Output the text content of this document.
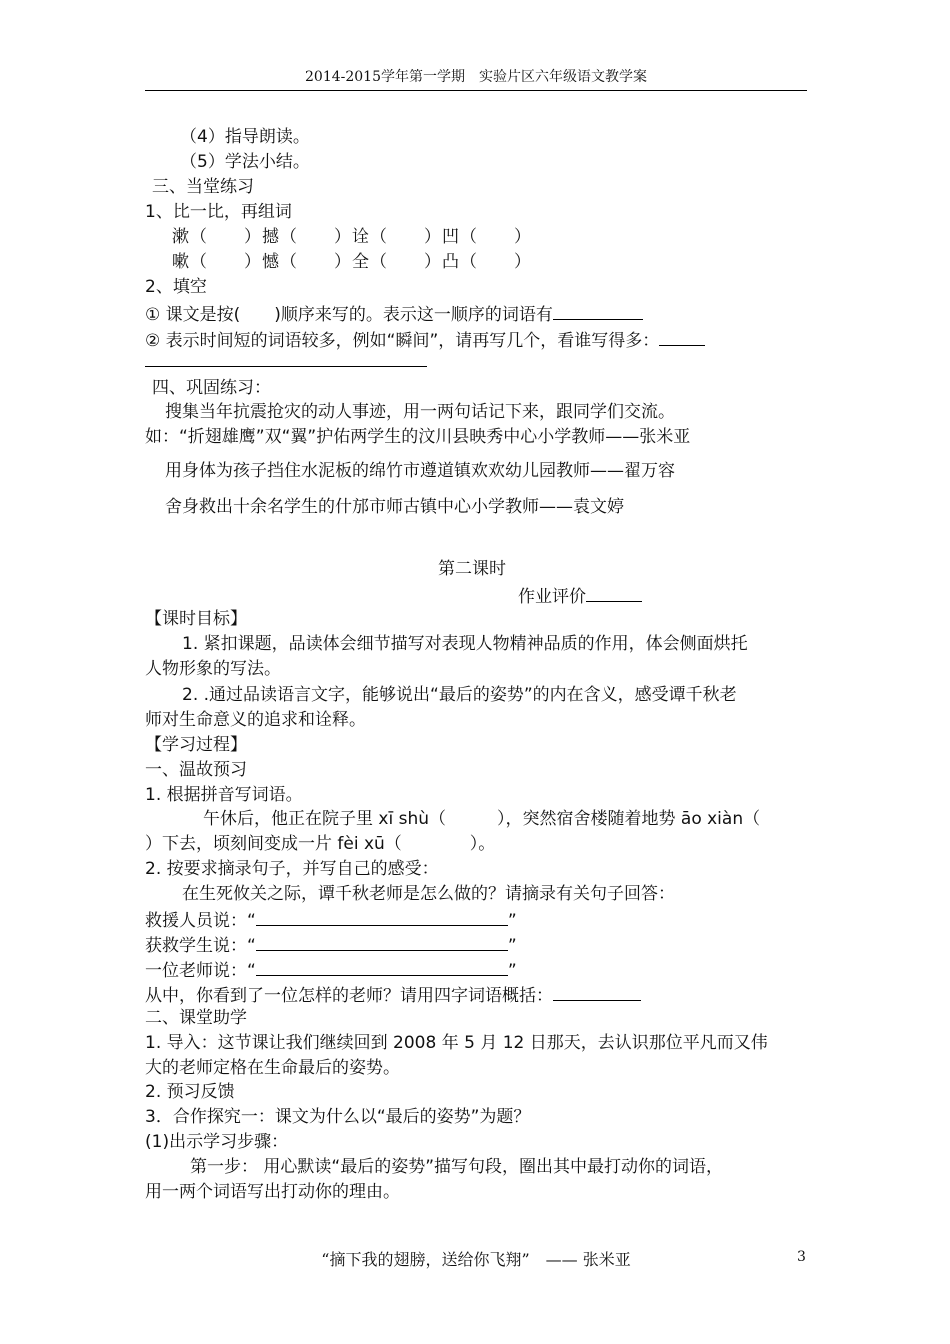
2014-2015学年第一学期　实验片区六年级语文教学案
（4）指导朗读。
（5）学法小结。
三、当堂练习
1、比一比，再组词
漱（　　）撼（　　）诠（　　）凹（　　）
嗽（　　）憾（　　）全（　　）凸（　　）
2、填空
① 课文是按(　　)顺序来写的。表示这一顺序的词语有
② 表示时间短的词语较多，例如“瞬间”，请再写几个，看谁写得多：
四、巩固练习：
搜集当年抗震抢灾的动人事迹，用一两句话记下来，跟同学们交流。
如：“折翅雄鹰”双“翼”护佑两学生的汶川县映秀中心小学教师——张米亚
用身体为孩子挡住水泥板的绵竹市遵道镇欢欢幼儿园教师——翟万容
舍身救出十余名学生的什邡市师古镇中心小学教师——袁文婷
第二课时
作业评价
【课时目标】
1. 紧扣课题，品读体会细节描写对表现人物精神品质的作用，体会侧面烘托
人物形象的写法。
2. .通过品读语言文字，能够说出“最后的姿势”的内在含义，感受谭千秋老
师对生命意义的追求和诠释。
【学习过程】
一、温故预习
1. 根据拼音写词语。
午休后，他正在院子里 xī shù（　　　），突然宿舍楼随着地势 āo xiàn（
）下去，顷刻间变成一片 fèi xū（　　　　）。
2. 按要求摘录句子，并写自己的感受：
在生死攸关之际，谭千秋老师是怎么做的？请摘录有关句子回答：
救援人员说：“	”
获救学生说：“	”
一位老师说：“	”
从中，你看到了一位怎样的老师？请用四字词语概括：
二、课堂助学
1. 导入：这节课让我们继续回到 2008 年 5 月 12 日那天，去认识那位平凡而又伟
大的老师定格在生命最后的姿势。
2. 预习反馈
3．合作探究一：课文为什么以“最后的姿势”为题？
(1)出示学习步骤：
第一步： 用心默读“最后的姿势”描写句段，圈出其中最打动你的词语，
用一两个词语写出打动你的理由。
“摘下我的翅膀，送给你飞翔”　—— 张米亚	3
